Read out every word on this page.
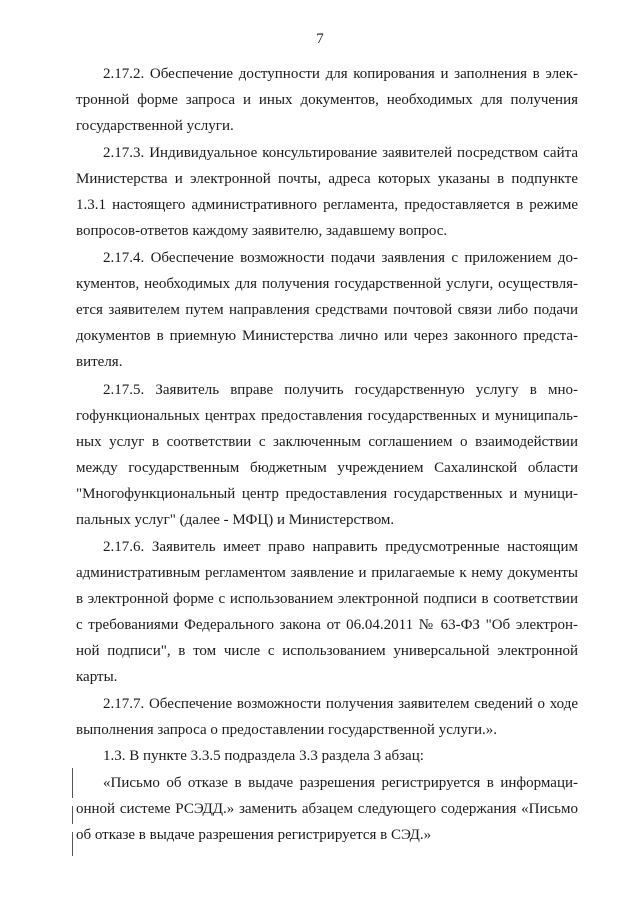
7
2.17.2. Обеспечение доступности для копирования и заполнения в элек-
тронной форме запроса и иных документов, необходимых для получения
государственной услуги.
2.17.3. Индивидуальное консультирование заявителей посредством сайта
Министерства и электронной почты, адреса которых указаны в подпункте
1.3.1 настоящего административного регламента, предоставляется в режиме
вопросов-ответов каждому заявителю, задавшему вопрос.
2.17.4. Обеспечение возможности подачи заявления с приложением до-
кументов, необходимых для получения государственной услуги, осуществля-
ется заявителем путем направления средствами почтовой связи либо подачи
документов в приемную Министерства лично или через законного предста-
вителя.
2.17.5. Заявитель вправе получить государственную услугу в мно-
гофункциональных центрах предоставления государственных и муниципаль-
ных услуг в соответствии с заключенным соглашением о взаимодействии
между государственным бюджетным учреждением Сахалинской области
"Многофункциональный центр предоставления государственных и муници-
пальных услуг" (далее - МФЦ) и Министерством.
2.17.6. Заявитель имеет право направить предусмотренные настоящим
административным регламентом заявление и прилагаемые к нему документы
в электронной форме с использованием электронной подписи в соответствии
с требованиями Федерального закона от 06.04.2011 № 63-ФЗ "Об электрон-
ной подписи", в том числе с использованием универсальной электронной
карты.
2.17.7. Обеспечение возможности получения заявителем сведений о ходе
выполнения запроса о предоставлении государственной услуги.».
1.3. В пункте 3.3.5 подраздела 3.3 раздела 3 абзац:
«Письмо об отказе в выдаче разрешения регистрируется в информаци-
онной системе РСЭДД.» заменить абзацем следующего содержания «Письмо
об отказе в выдаче разрешения регистрируется в СЭД.»
